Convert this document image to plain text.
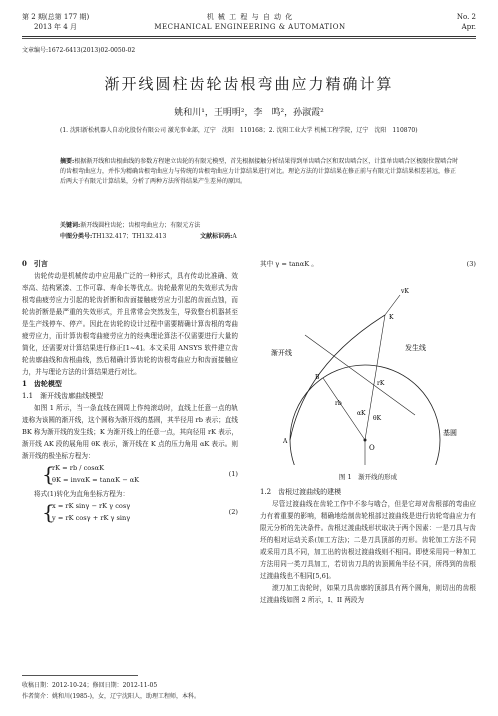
第 2 期(总第 177 期)
2013 年 4 月
机 械 工 程 与 自 动 化
MECHANICAL ENGINEERING & AUTOMATION
No. 2
Apr.
文章编号:1672-6413(2013)02-0050-02
渐开线圆柱齿轮齿根弯曲应力精确计算
姚和川¹，王明明²，李　鸣²，孙淑霞²
(1. 沈阳新松机器人自动化股份有限公司 激光事业部，辽宁　沈阳　110168；2. 沈阳工业大学 机械工程学院，辽宁　沈阳　110870)
摘要:根据渐开线和齿根曲线的参数方程建立齿轮的有限元模型，首先根据接触分析结果得到单齿啮合区和双齿啮合区，计算单齿啮合区极限位置啮合时的齿根弯曲应力，并作为精确齿根弯曲应力与传统的齿根弯曲应力计算结果进行对比。理论方法的计算结果在修正前与有限元计算结果相差甚远，修正后两大于有限元计算结果，分析了两种方法所得结果产生差异的原因。
关键词:渐开线圆柱齿轮；齿根弯曲应力；有限元方法
中图分类号:TH132.417；TH132.413	文献标识码:A
0　引言
齿轮传动是机械传动中应用最广泛的一种形式，具有传动比准确、效率高、结构紧凑、工作可靠、寿命长等优点。齿轮最常见的失效形式为齿根弯曲疲劳应力引起的轮齿折断和齿面接触疲劳应力引起的齿面点蚀，而轮齿折断是最严重的失效形式，并且常常会突然发生，导致整台机器甚至是生产线停车、停产。因此在齿轮的设计过程中需要精确计算齿根的弯曲疲劳应力，而计算齿根弯曲疲劳应力的经典理论算法不仅需要进行大量的简化，还需要对计算结果进行修正[1~4]。本文采用 ANSYS 软件建立齿轮齿廓曲线和齿根曲线，然后精确计算齿轮的齿根弯曲应力和齿面接触应力，并与理论方法的计算结果进行对比。
1　齿轮模型
1.1　渐开线齿廓曲线模型
如图 1 所示，当一条直线在圆周上作纯滚动时，直线上任意一点的轨迹称为该圆的渐开线，这个圆称为渐开线的基圆，其半径用 rb 表示；直线 BK 称为渐开线的发生线；K 为渐开线上的任意一点，其向径用 rK 表示，渐开线 AK 段的展角用 θK 表示，渐开线在 K 点的压力角用 αK 表示。则渐开线的极坐标方程为：
{
rK = rb / cosαK
θK = invαK = tanαK − αK
(1)
将式(1)转化为直角坐标方程为：
{
x = rK sinγ − rK γ cosγ
y = rK cosγ + rK γ sinγ
(2)
其中 γ = tanαK 。	(3)
渐开线
发生线
基圆
O
rb
rK
αK
θK
K
A
B
vK
图 1　渐开线的形成
1.2　齿根过渡曲线的建模
尽管过渡曲线在齿轮工作中不参与啮合，但是它却对齿根部的弯曲应力有着重要的影响，精确地绘制齿轮根部过渡曲线是进行齿轮弯曲应力有限元分析的先决条件。齿根过渡曲线形状取决于两个因素：一是刀具与齿坯的相对运动关系(加工方法)；二是刀具顶部的刃形。齿轮加工方法不同或采用刀具不同，加工出的齿根过渡曲线则不相同。即使采用同一种加工方法用同一类刀具加工，若切齿刀具的齿顶圆角半径不同，所得到的齿根过渡曲线也不相同[5,6]。
滚刀加工齿轮时，如果刀具齿廓的顶部具有两个圆角，则切出的齿根过渡曲线如图 2 所示，I、II 两段为
收稿日期：2012-10-24；修回日期：2012-11-05
作者简介：姚和川(1985-)，女，辽宁沈阳人，助理工程师，本科。
